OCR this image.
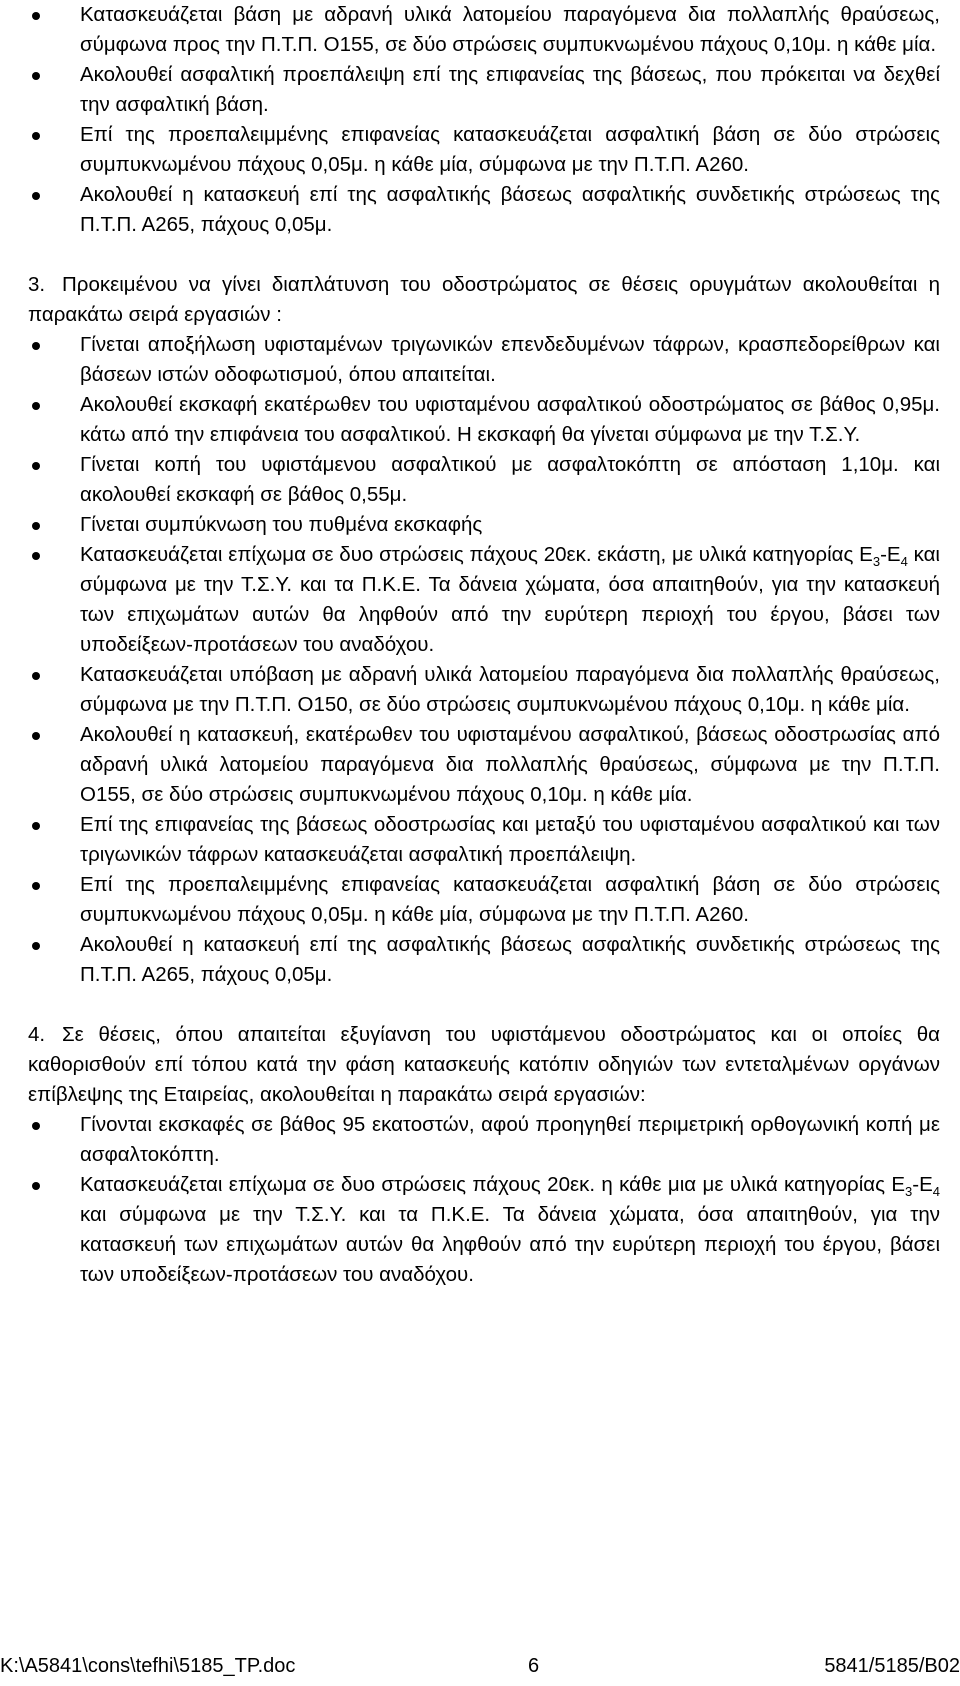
Κατασκευάζεται βάση με αδρανή υλικά λατομείου παραγόμενα δια πολλαπλής θραύσεως, σύμφωνα προς την Π.Τ.Π. Ο155, σε δύο στρώσεις συμπυκνωμένου πάχους 0,10μ. η κάθε μία.
Ακολουθεί ασφαλτική προεπάλειψη επί της επιφανείας της βάσεως, που πρόκειται να δεχθεί την ασφαλτική βάση.
Επί της προεπαλειμμένης επιφανείας κατασκευάζεται ασφαλτική βάση σε δύο στρώσεις συμπυκνωμένου πάχους 0,05μ. η κάθε μία, σύμφωνα με την Π.Τ.Π. Α260.
Ακολουθεί η κατασκευή επί της ασφαλτικής βάσεως ασφαλτικής συνδετικής στρώσεως της Π.Τ.Π. Α265, πάχους 0,05μ.

3. Προκειμένου να γίνει διαπλάτυνση του οδοστρώματος σε θέσεις ορυγμάτων ακολουθείται η παρακάτω σειρά εργασιών :

Γίνεται αποξήλωση υφισταμένων τριγωνικών επενδεδυμένων τάφρων, κρασπεδορείθρων και βάσεων ιστών οδοφωτισμού, όπου απαιτείται.
Ακολουθεί εκσκαφή εκατέρωθεν του υφισταμένου ασφαλτικού οδοστρώματος σε βάθος 0,95μ. κάτω από την επιφάνεια του ασφαλτικού. Η εκσκαφή θα γίνεται σύμφωνα με την Τ.Σ.Υ.
Γίνεται κοπή του υφιστάμενου ασφαλτικού με ασφαλτοκόπτη σε απόσταση 1,10μ. και ακολουθεί εκσκαφή σε βάθος 0,55μ.
Γίνεται συμπύκνωση του πυθμένα εκσκαφής
Κατασκευάζεται επίχωμα σε δυο στρώσεις πάχους 20εκ. εκάστη, με υλικά κατηγορίας $E_3-E_4$ και σύμφωνα με την Τ.Σ.Υ. και τα Π.Κ.Ε. Τα δάνεια χώματα, όσα απαιτηθούν, για την κατασκευή των επιχωμάτων αυτών θα ληφθούν από την ευρύτερη περιοχή του έργου, βάσει των υποδείξεων-προτάσεων του αναδόχου.
Κατασκευάζεται υπόβαση με αδρανή υλικά λατομείου παραγόμενα δια πολλαπλής θραύσεως, σύμφωνα με την Π.Τ.Π. Ο150, σε δύο στρώσεις συμπυκνωμένου πάχους 0,10μ. η κάθε μία.
Ακολουθεί η κατασκευή, εκατέρωθεν του υφισταμένου ασφαλτικού, βάσεως οδοστρωσίας από αδρανή υλικά λατομείου παραγόμενα δια πολλαπλής θραύσεως, σύμφωνα με την Π.Τ.Π. Ο155, σε δύο στρώσεις συμπυκνωμένου πάχους 0,10μ. η κάθε μία.
Επί της επιφανείας της βάσεως οδοστρωσίας και μεταξύ του υφισταμένου ασφαλτικού και των τριγωνικών τάφρων κατασκευάζεται ασφαλτική προεπάλειψη.
Επί της προεπαλειμμένης επιφανείας κατασκευάζεται ασφαλτική βάση σε δύο στρώσεις συμπυκνωμένου πάχους 0,05μ. η κάθε μία, σύμφωνα με την Π.Τ.Π. Α260.
Ακολουθεί η κατασκευή επί της ασφαλτικής βάσεως ασφαλτικής συνδετικής στρώσεως της Π.Τ.Π. Α265, πάχους 0,05μ.

4. Σε θέσεις, όπου απαιτείται εξυγίανση του υφιστάμενου οδοστρώματος και οι οποίες θα καθορισθούν επί τόπου κατά την φάση κατασκευής κατόπιν οδηγιών των εντεταλμένων οργάνων επίβλεψης της Εταιρείας, ακολουθείται η παρακάτω σειρά εργασιών:

Γίνονται εκσκαφές σε βάθος 95 εκατοστών, αφού προηγηθεί περιμετρική ορθογωνική κοπή με ασφαλτοκόπτη.
Κατασκευάζεται επίχωμα σε δυο στρώσεις πάχους 20εκ. η κάθε μια με υλικά κατηγορίας $E_3-E_4$ και σύμφωνα με την Τ.Σ.Υ. και τα Π.Κ.Ε. Τα δάνεια χώματα, όσα απαιτηθούν, για την κατασκευή των επιχωμάτων αυτών θα ληφθούν από την ευρύτερη περιοχή του έργου, βάσει των υποδείξεων-προτάσεων του αναδόχου.
K:\A5841\cons\tefhi\5185_TP.doc	6	5841/5185/Β02
